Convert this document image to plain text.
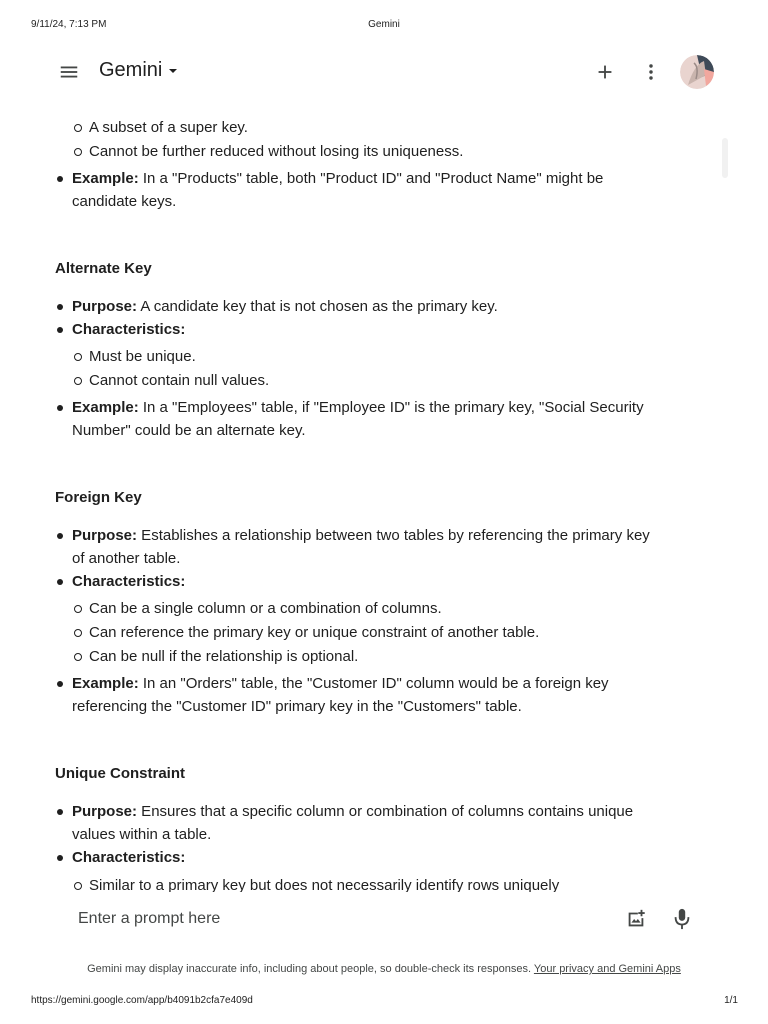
9/11/24, 7:13 PM	Gemini
Gemini
A subset of a super key.
Cannot be further reduced without losing its uniqueness.
Example: In a "Products" table, both "Product ID" and "Product Name" might be
candidate keys.
Alternate Key
Purpose: A candidate key that is not chosen as the primary key.
Characteristics:
Must be unique.
Cannot contain null values.
Example: In a "Employees" table, if "Employee ID" is the primary key, "Social Security
Number" could be an alternate key.
Foreign Key
Purpose: Establishes a relationship between two tables by referencing the primary key
of another table.
Characteristics:
Can be a single column or a combination of columns.
Can reference the primary key or unique constraint of another table.
Can be null if the relationship is optional.
Example: In an "Orders" table, the "Customer ID" column would be a foreign key
referencing the "Customer ID" primary key in the "Customers" table.
Unique Constraint
Purpose: Ensures that a specific column or combination of columns contains unique
values within a table.
Characteristics:
Similar to a primary key but does not necessarily identify rows uniquely
Enter a prompt here
Gemini may display inaccurate info, including about people, so double-check its responses. Your privacy and Gemini Apps
https://gemini.google.com/app/b4091b2cfa7e409d	1/1
